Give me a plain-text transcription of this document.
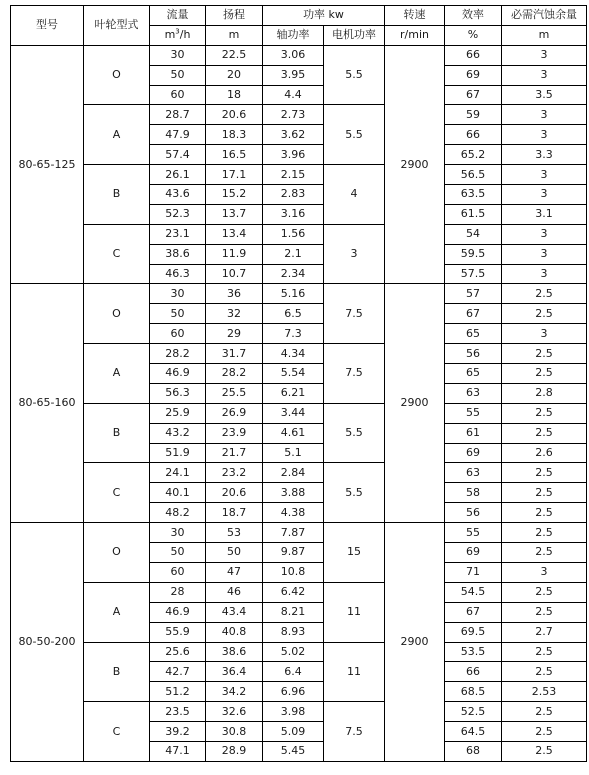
型号	叶轮型式	流量	扬程	功率 kw		转速	效率	必需汽蚀余量
		$m^3/h$	m	轴功率	电机功率	r/min	%	m
80-65-125	O	30	22.5	3.06	5.5	2900	66	3
		50	20	3.95			69	3
		60	18	4.4			67	3.5
	A	28.7	20.6	2.73	5.5		59	3
		47.9	18.3	3.62			66	3
		57.4	16.5	3.96			65.2	3.3
	B	26.1	17.1	2.15	4		56.5	3
		43.6	15.2	2.83			63.5	3
		52.3	13.7	3.16			61.5	3.1
	C	23.1	13.4	1.56	3		54	3
		38.6	11.9	2.1			59.5	3
		46.3	10.7	2.34			57.5	3
80-65-160	O	30	36	5.16	7.5	2900	57	2.5
		50	32	6.5			67	2.5
		60	29	7.3			65	3
	A	28.2	31.7	4.34	7.5		56	2.5
		46.9	28.2	5.54			65	2.5
		56.3	25.5	6.21			63	2.8
	B	25.9	26.9	3.44	5.5		55	2.5
		43.2	23.9	4.61			61	2.5
		51.9	21.7	5.1			69	2.6
	C	24.1	23.2	2.84	5.5		63	2.5
		40.1	20.6	3.88			58	2.5
		48.2	18.7	4.38			56	2.5
80-50-200	O	30	53	7.87	15	2900	55	2.5
		50	50	9.87			69	2.5
		60	47	10.8			71	3
	A	28	46	6.42	11		54.5	2.5
		46.9	43.4	8.21			67	2.5
		55.9	40.8	8.93			69.5	2.7
	B	25.6	38.6	5.02	11		53.5	2.5
		42.7	36.4	6.4			66	2.5
		51.2	34.2	6.96			68.5	2.53
	C	23.5	32.6	3.98	7.5		52.5	2.5
		39.2	30.8	5.09			64.5	2.5
		47.1	28.9	5.45			68	2.5
